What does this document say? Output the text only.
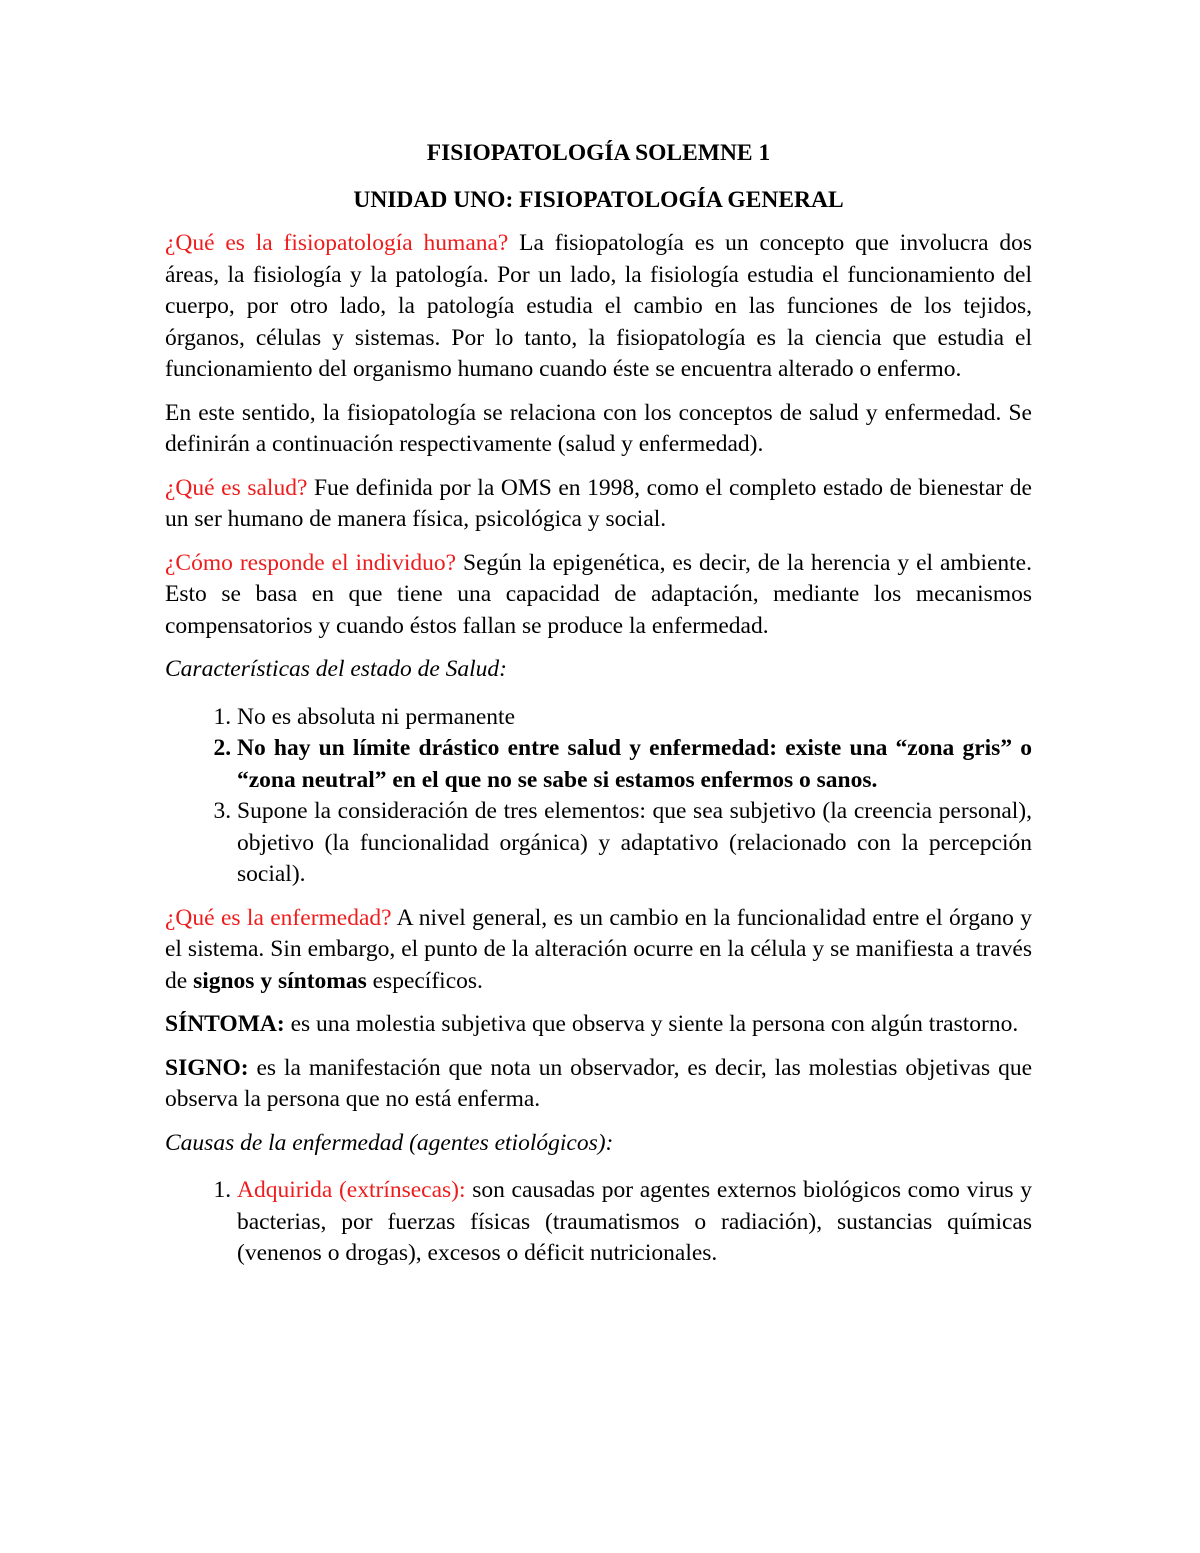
FISIOPATOLOGÍA SOLEMNE 1
UNIDAD UNO: FISIOPATOLOGÍA GENERAL

¿Qué es la fisiopatología humana? La fisiopatología es un concepto que involucra dos áreas, la fisiología y la patología. Por un lado, la fisiología estudia el funcionamiento del cuerpo, por otro lado, la patología estudia el cambio en las funciones de los tejidos, órganos, células y sistemas. Por lo tanto, la fisiopatología es la ciencia que estudia el funcionamiento del organismo humano cuando éste se encuentra alterado o enfermo.

En este sentido, la fisiopatología se relaciona con los conceptos de salud y enfermedad. Se definirán a continuación respectivamente (salud y enfermedad).

¿Qué es salud? Fue definida por la OMS en 1998, como el completo estado de bienestar de un ser humano de manera física, psicológica y social.

¿Cómo responde el individuo? Según la epigenética, es decir, de la herencia y el ambiente. Esto se basa en que tiene una capacidad de adaptación, mediante los mecanismos compensatorios y cuando éstos fallan se produce la enfermedad.

Características del estado de Salud:

1. No es absoluta ni permanente
2. No hay un límite drástico entre salud y enfermedad: existe una “zona gris” o “zona neutral” en el que no se sabe si estamos enfermos o sanos.
3. Supone la consideración de tres elementos: que sea subjetivo (la creencia personal), objetivo (la funcionalidad orgánica) y adaptativo (relacionado con la percepción social).

¿Qué es la enfermedad? A nivel general, es un cambio en la funcionalidad entre el órgano y el sistema. Sin embargo, el punto de la alteración ocurre en la célula y se manifiesta a través de signos y síntomas específicos.

SÍNTOMA: es una molestia subjetiva que observa y siente la persona con algún trastorno.

SIGNO: es la manifestación que nota un observador, es decir, las molestias objetivas que observa la persona que no está enferma.

Causas de la enfermedad (agentes etiológicos):

1. Adquirida (extrínsecas): son causadas por agentes externos biológicos como virus y bacterias, por fuerzas físicas (traumatismos o radiación), sustancias químicas (venenos o drogas), excesos o déficit nutricionales.
